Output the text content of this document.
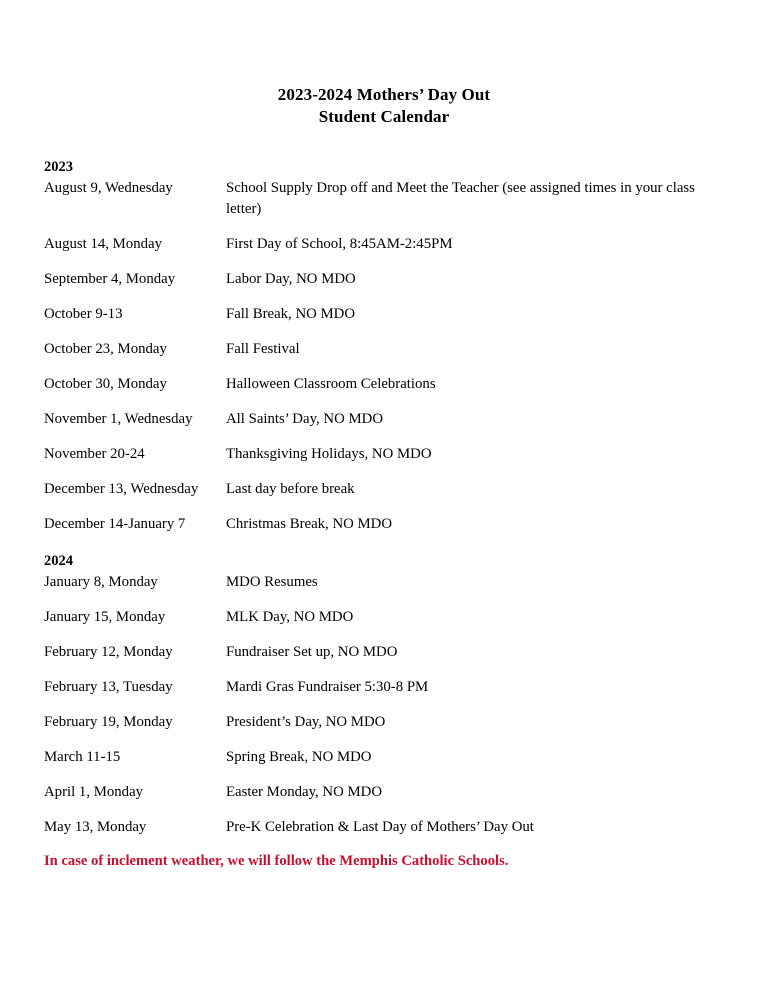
2023-2024 Mothers’ Day Out
Student Calendar
2023
August 9, Wednesday	School Supply Drop off and Meet the Teacher (see assigned times in your class letter)
August 14, Monday	First Day of School, 8:45AM-2:45PM
September 4, Monday	Labor Day, NO MDO
October 9-13	Fall Break, NO MDO
October 23, Monday	Fall Festival
October 30, Monday	Halloween Classroom Celebrations
November 1, Wednesday	All Saints’ Day, NO MDO
November 20-24	Thanksgiving Holidays, NO MDO
December 13, Wednesday	Last day before break
December 14-January 7	Christmas Break, NO MDO
2024
January 8, Monday	MDO Resumes
January 15, Monday	MLK Day, NO MDO
February 12, Monday	Fundraiser Set up, NO MDO
February 13, Tuesday	Mardi Gras Fundraiser 5:30-8 PM
February 19, Monday	President’s Day, NO MDO
March 11-15	Spring Break, NO MDO
April 1, Monday	Easter Monday, NO MDO
May 13, Monday	Pre-K Celebration & Last Day of Mothers’ Day Out
In case of inclement weather, we will follow the Memphis Catholic Schools.
